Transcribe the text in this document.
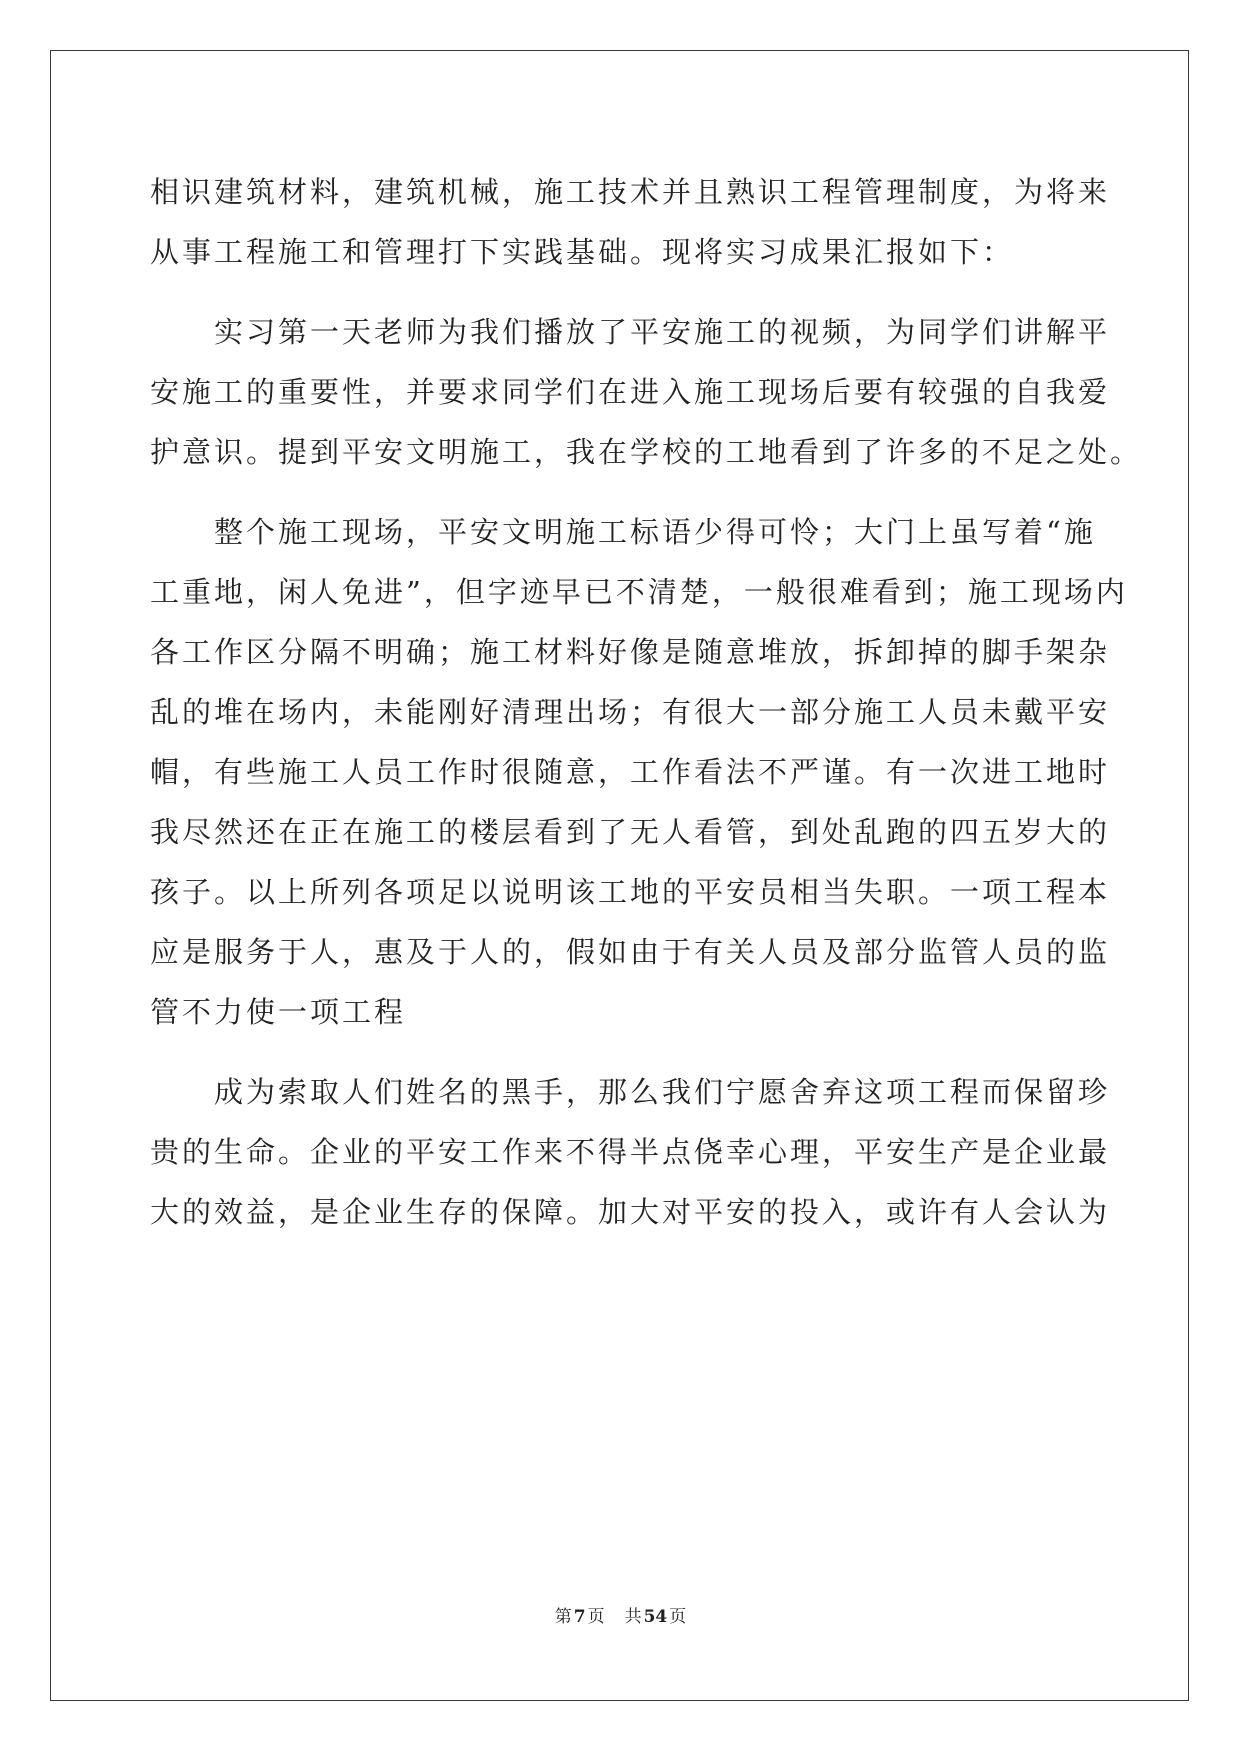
相识建筑材料，建筑机械，施工技术并且熟识工程管理制度，为将来
从事工程施工和管理打下实践基础。现将实习成果汇报如下：
实习第一天老师为我们播放了平安施工的视频，为同学们讲解平
安施工的重要性，并要求同学们在进入施工现场后要有较强的自我爱
护意识。提到平安文明施工，我在学校的工地看到了许多的不足之处。
整个施工现场，平安文明施工标语少得可怜；大门上虽写着“施
工重地，闲人免进”，但字迹早已不清楚，一般很难看到；施工现场内
各工作区分隔不明确；施工材料好像是随意堆放，拆卸掉的脚手架杂
乱的堆在场内，未能刚好清理出场；有很大一部分施工人员未戴平安
帽，有些施工人员工作时很随意，工作看法不严谨。有一次进工地时
我尽然还在正在施工的楼层看到了无人看管，到处乱跑的四五岁大的
孩子。以上所列各项足以说明该工地的平安员相当失职。一项工程本
应是服务于人，惠及于人的，假如由于有关人员及部分监管人员的监
管不力使一项工程
成为索取人们姓名的黑手，那么我们宁愿舍弃这项工程而保留珍
贵的生命。企业的平安工作来不得半点侥幸心理，平安生产是企业最
大的效益，是企业生存的保障。加大对平安的投入，或许有人会认为
第 7 页 共 54 页
